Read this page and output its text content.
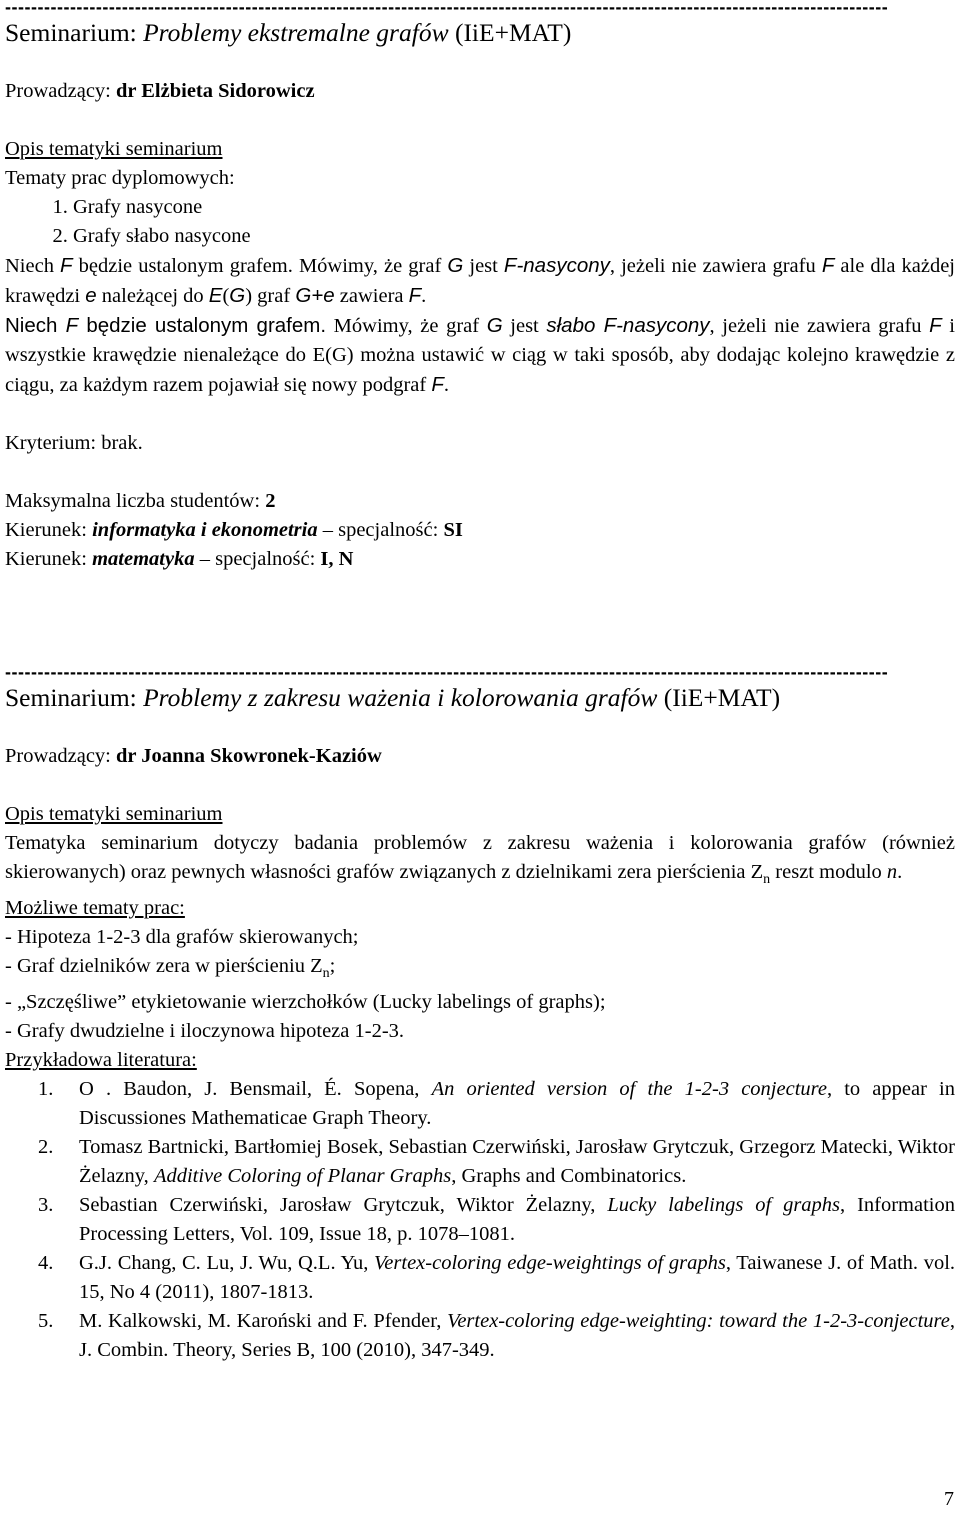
----------------------------------------------------------------------------------------------------------------------------------------
Seminarium: Problemy ekstremalne grafów (IiE+MAT)
Prowadzący: dr Elżbieta Sidorowicz
Opis tematyki seminarium
Tematy prac dyplomowych:
1. Grafy nasycone
2. Grafy słabo nasycone
Niech F będzie ustalonym grafem. Mówimy, że graf G jest F-nasycony, jeżeli nie zawiera grafu F ale dla każdej krawędzi e należącej do E(G) graf G+e zawiera F.
Niech F będzie ustalonym grafem. Mówimy, że graf G jest słabo F-nasycony, jeżeli nie zawiera grafu F i wszystkie krawędzie nienależące do E(G) można ustawić w ciąg w taki sposób, aby dodając kolejno krawędzie z ciągu, za każdym razem pojawiał się nowy podgraf F.
Kryterium: brak.
Maksymalna liczba studentów: 2
Kierunek: informatyka i ekonometria – specjalność: SI
Kierunek: matematyka – specjalność: I, N
----------------------------------------------------------------------------------------------------------------------------------------
Seminarium: Problemy z zakresu ważenia i kolorowania grafów (IiE+MAT)
Prowadzący: dr Joanna Skowronek-Kaziów
Opis tematyki seminarium
Tematyka seminarium dotyczy badania problemów z zakresu ważenia i kolorowania grafów (również skierowanych) oraz pewnych własności grafów związanych z dzielnikami zera pierścienia $Z_n$ reszt modulo n.
Możliwe tematy prac:
- Hipoteza 1-2-3 dla grafów skierowanych;
- Graf dzielników zera w pierścieniu $Z_n$;
- „Szczęśliwe” etykietowanie wierzchołków (Lucky labelings of graphs);
- Grafy dwudzielne i iloczynowa hipoteza 1-2-3.
Przykładowa literatura:
1. O . Baudon, J. Bensmail, É. Sopena, An oriented version of the 1-2-3 conjecture, to appear in Discussiones Mathematicae Graph Theory.
2. Tomasz Bartnicki, Bartłomiej Bosek, Sebastian Czerwiński, Jarosław Grytczuk, Grzegorz Matecki, Wiktor Żelazny, Additive Coloring of Planar Graphs, Graphs and Combinatorics.
3. Sebastian Czerwiński, Jarosław Grytczuk, Wiktor Żelazny, Lucky labelings of graphs, Information Processing Letters, Vol. 109, Issue 18, p. 1078–1081.
4. G.J. Chang, C. Lu, J. Wu, Q.L. Yu, Vertex-coloring edge-weightings of graphs, Taiwanese J. of Math. vol. 15, No 4 (2011), 1807-1813.
5. M. Kalkowski, M. Karoński and F. Pfender, Vertex-coloring edge-weighting: toward the 1-2-3-conjecture, J. Combin. Theory, Series B, 100 (2010), 347-349.
7
